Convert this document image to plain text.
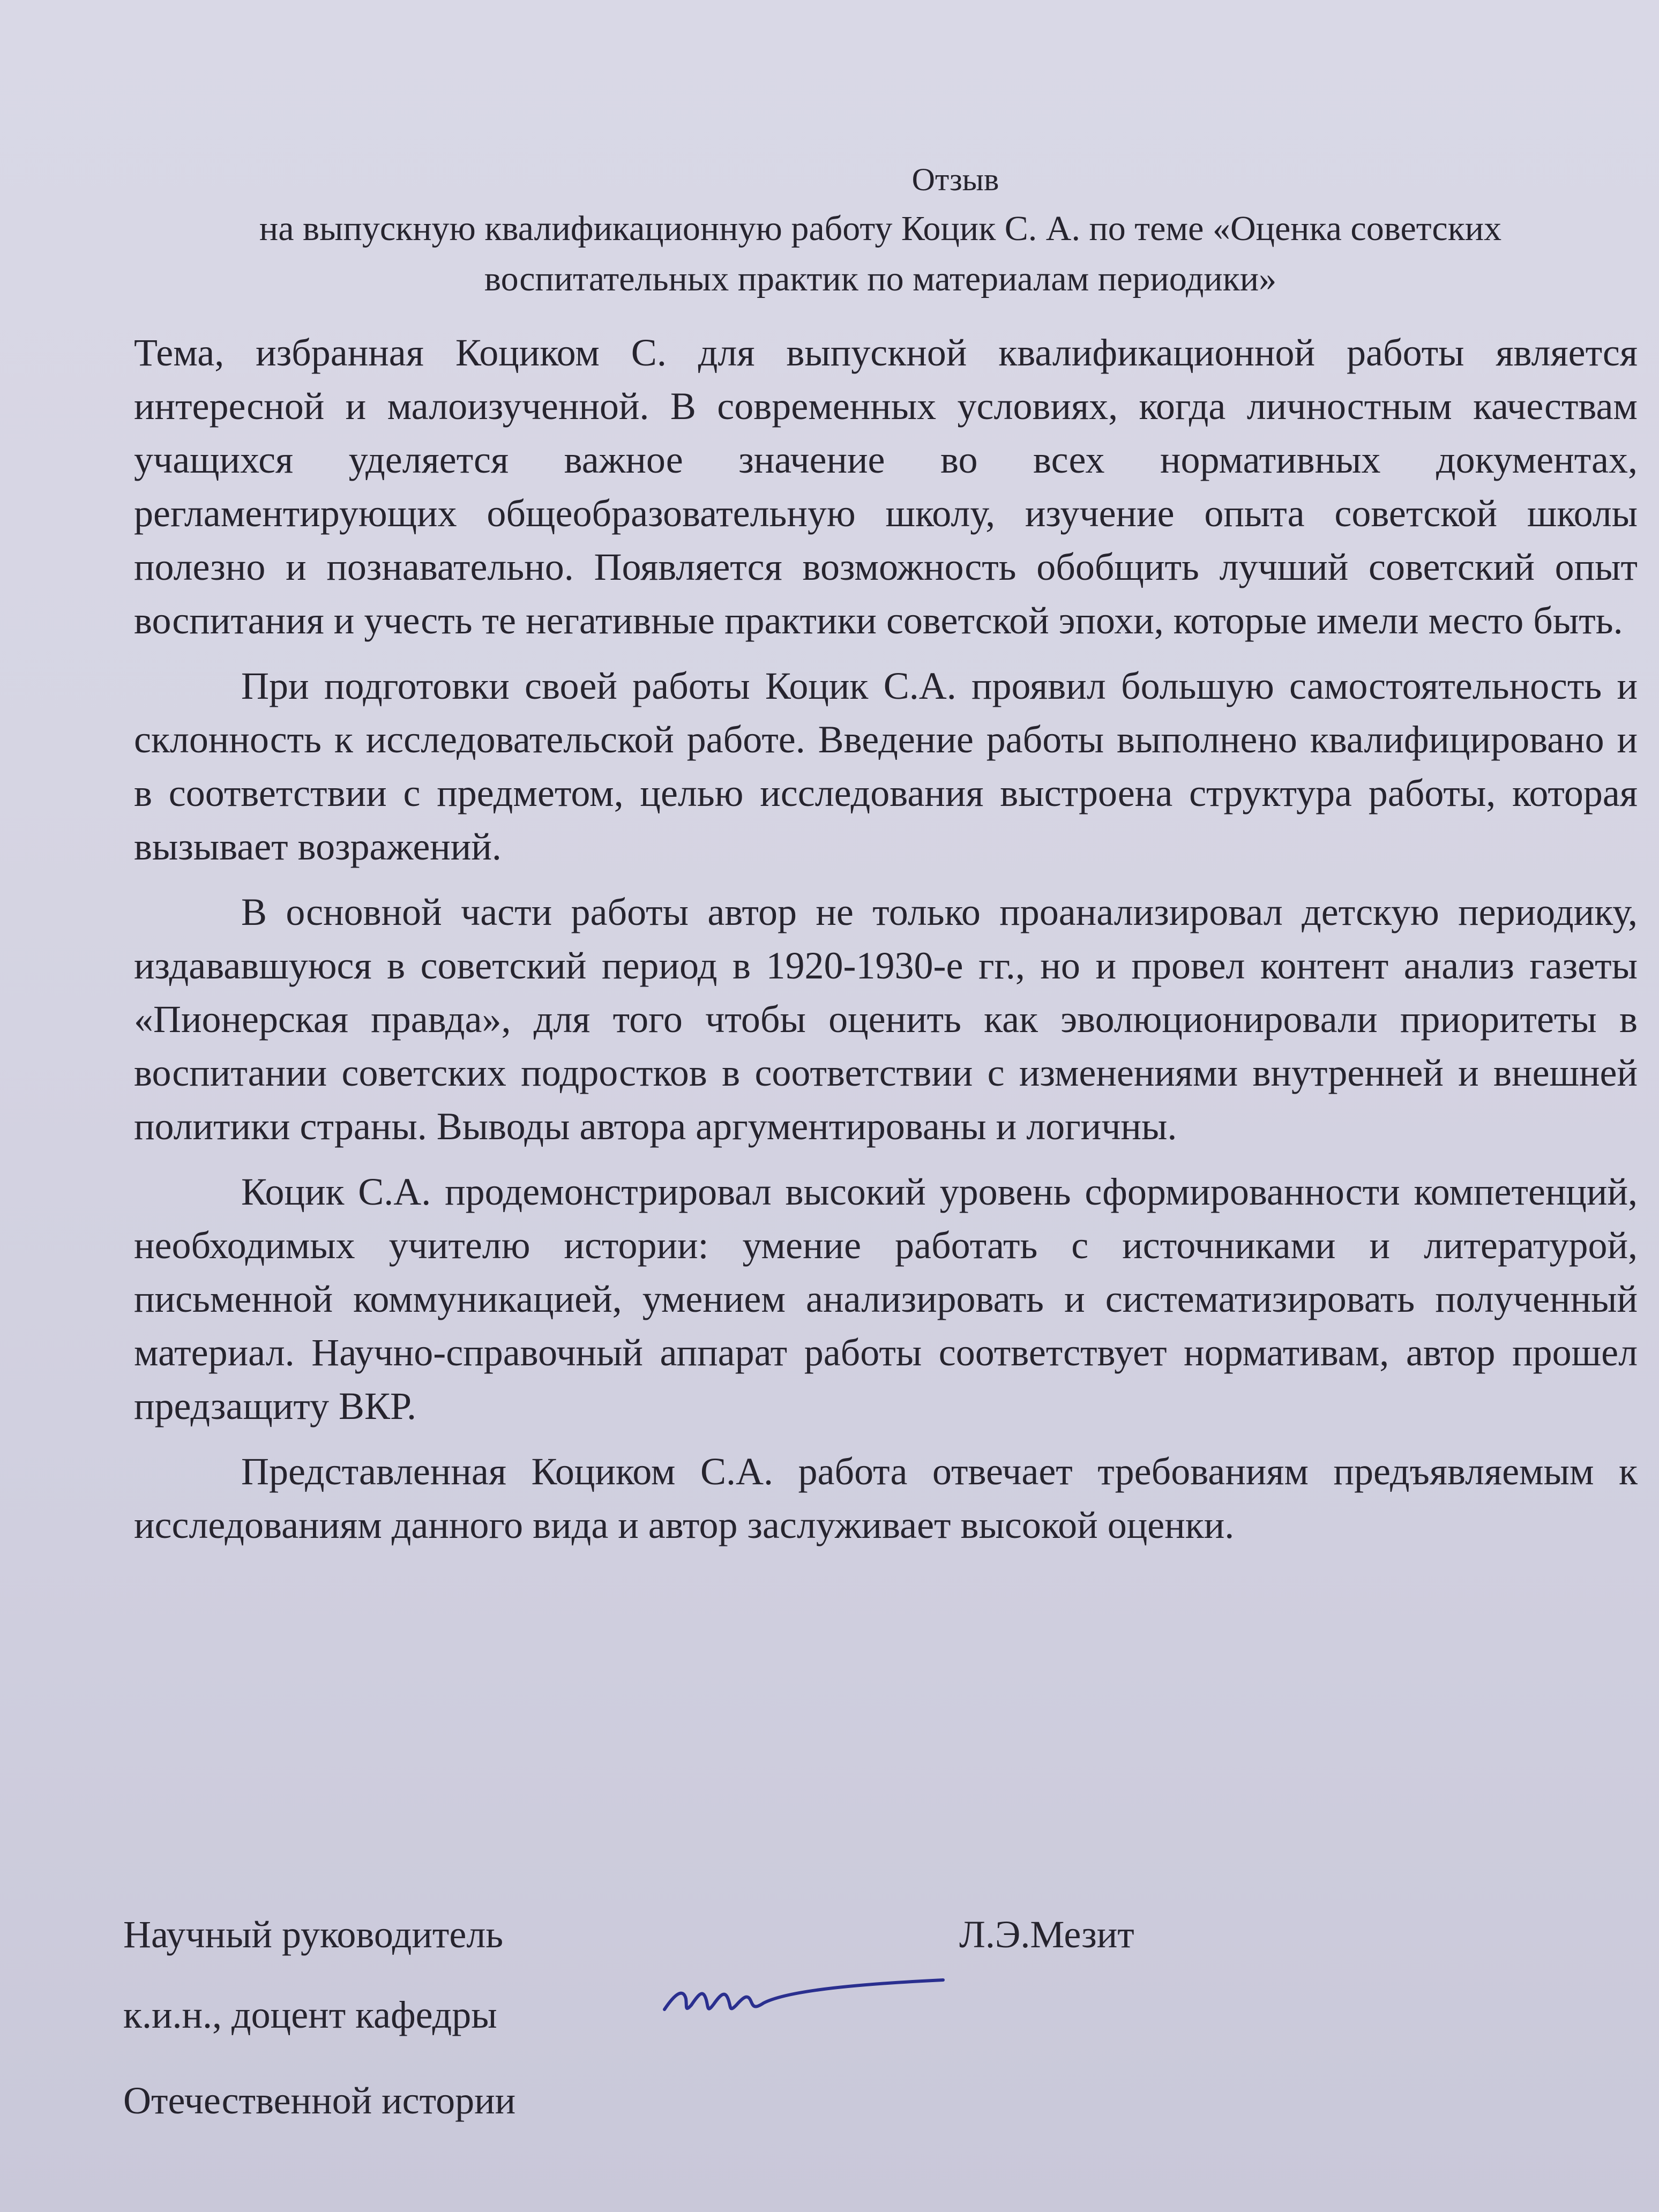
Отзыв
на выпускную квалификационную работу Коцик С. А. по теме «Оценка советских воспитательных практик по материалам периодики»

Тема, избранная Коциком С. для выпускной квалификационной работы является интересной и малоизученной. В современных условиях, когда личностным качествам учащихся уделяется важное значение во всех нормативных документах, регламентирующих общеобразовательную школу, изучение опыта советской школы полезно и познавательно. Появляется возможность обобщить лучший советский опыт воспитания и учесть те негативные практики советской эпохи, которые имели место быть.

При подготовки своей работы Коцик С.А. проявил большую самостоятельность и склонность к исследовательской работе. Введение работы выполнено квалифицировано и в соответствии с предметом, целью исследования выстроена структура работы, которая вызывает возражений.

В основной части работы автор не только проанализировал детскую периодику, издававшуюся в советский период в 1920-1930-е гг., но и провел контент анализ газеты «Пионерская правда», для того чтобы оценить как эволюционировали приоритеты в воспитании советских подростков в соответствии с изменениями внутренней и внешней политики страны. Выводы автора аргументированы и логичны.

Коцик С.А. продемонстрировал высокий уровень сформированности компетенций, необходимых учителю истории: умение работать с источниками и литературой, письменной коммуникацией, умением анализировать и систематизировать полученный материал. Научно-справочный аппарат работы соответствует нормативам, автор прошел предзащиту ВКР.

Представленная Коциком С.А. работа отвечает требованиям предъявляемым к исследованиям данного вида и автор заслуживает высокой оценки.

Научный руководитель
к.и.н., доцент кафедры
Отечественной истории
Л.Э.Мезит
